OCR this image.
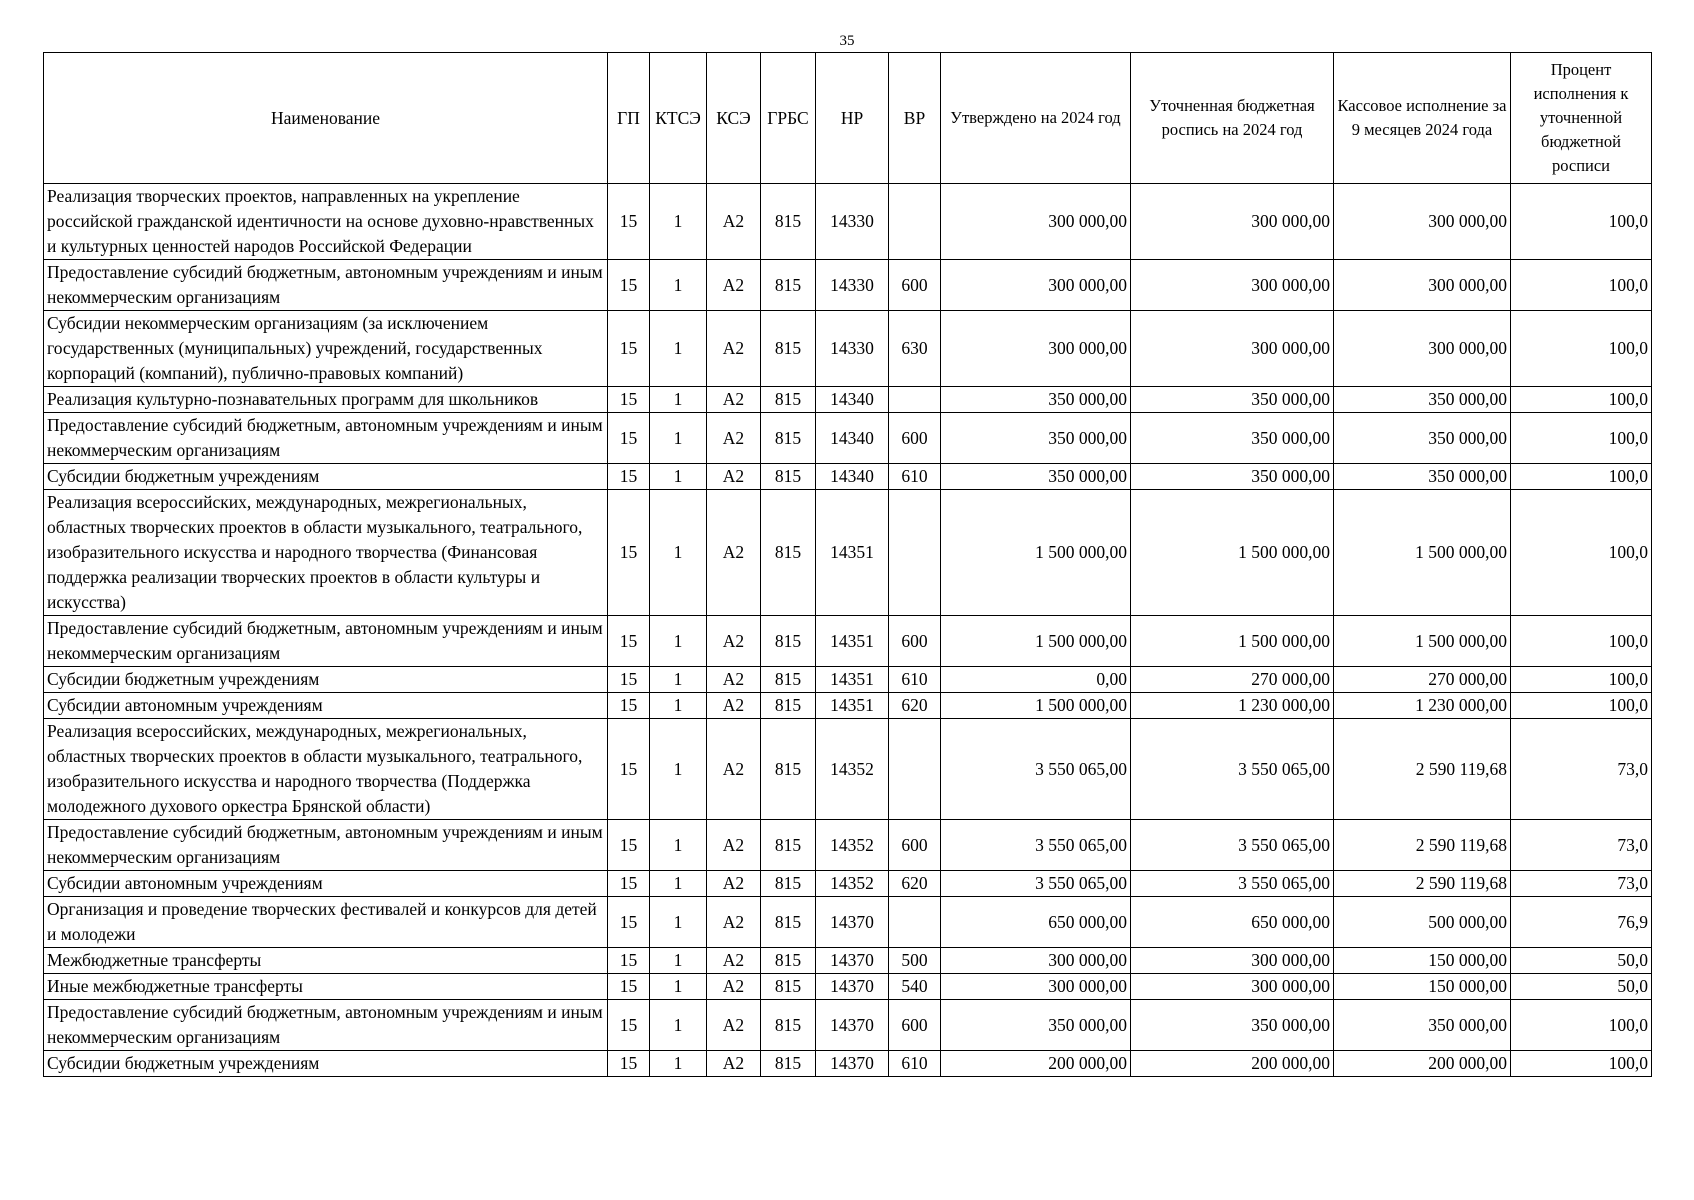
35
Наименование	ГП	КТСЭ	КСЭ	ГРБС	НР	ВР	Утверждено на 2024 год	Уточненная бюджетная роспись на 2024 год	Кассовое исполнение за 9 месяцев 2024 года	Процент исполнения к уточненной бюджетной росписи
Реализация творческих проектов, направленных на укрепление российской гражданской идентичности на основе духовно-нравственных и культурных ценностей народов Российской Федерации	15	1	А2	815	14330		300 000,00	300 000,00	300 000,00	100,0
Предоставление субсидий бюджетным, автономным учреждениям и иным некоммерческим организациям	15	1	А2	815	14330	600	300 000,00	300 000,00	300 000,00	100,0
Субсидии некоммерческим организациям (за исключением государственных (муниципальных) учреждений, государственных корпораций (компаний), публично-правовых компаний)	15	1	А2	815	14330	630	300 000,00	300 000,00	300 000,00	100,0
Реализация культурно-познавательных программ для школьников	15	1	А2	815	14340		350 000,00	350 000,00	350 000,00	100,0
Предоставление субсидий бюджетным, автономным учреждениям и иным некоммерческим организациям	15	1	А2	815	14340	600	350 000,00	350 000,00	350 000,00	100,0
Субсидии бюджетным учреждениям	15	1	А2	815	14340	610	350 000,00	350 000,00	350 000,00	100,0
Реализация всероссийских, международных, межрегиональных, областных творческих проектов в области музыкального, театрального, изобразительного искусства и народного творчества (Финансовая поддержка реализации творческих проектов в области культуры и искусства)	15	1	А2	815	14351		1 500 000,00	1 500 000,00	1 500 000,00	100,0
Предоставление субсидий бюджетным, автономным учреждениям и иным некоммерческим организациям	15	1	А2	815	14351	600	1 500 000,00	1 500 000,00	1 500 000,00	100,0
Субсидии бюджетным учреждениям	15	1	А2	815	14351	610	0,00	270 000,00	270 000,00	100,0
Субсидии автономным учреждениям	15	1	А2	815	14351	620	1 500 000,00	1 230 000,00	1 230 000,00	100,0
Реализация всероссийских, международных, межрегиональных, областных творческих проектов в области музыкального, театрального, изобразительного искусства и народного творчества (Поддержка молодежного духового оркестра Брянской области)	15	1	А2	815	14352		3 550 065,00	3 550 065,00	2 590 119,68	73,0
Предоставление субсидий бюджетным, автономным учреждениям и иным некоммерческим организациям	15	1	А2	815	14352	600	3 550 065,00	3 550 065,00	2 590 119,68	73,0
Субсидии автономным учреждениям	15	1	А2	815	14352	620	3 550 065,00	3 550 065,00	2 590 119,68	73,0
Организация и проведение творческих фестивалей и конкурсов для детей и молодежи	15	1	А2	815	14370		650 000,00	650 000,00	500 000,00	76,9
Межбюджетные трансферты	15	1	А2	815	14370	500	300 000,00	300 000,00	150 000,00	50,0
Иные межбюджетные трансферты	15	1	А2	815	14370	540	300 000,00	300 000,00	150 000,00	50,0
Предоставление субсидий бюджетным, автономным учреждениям и иным некоммерческим организациям	15	1	А2	815	14370	600	350 000,00	350 000,00	350 000,00	100,0
Субсидии бюджетным учреждениям	15	1	А2	815	14370	610	200 000,00	200 000,00	200 000,00	100,0
